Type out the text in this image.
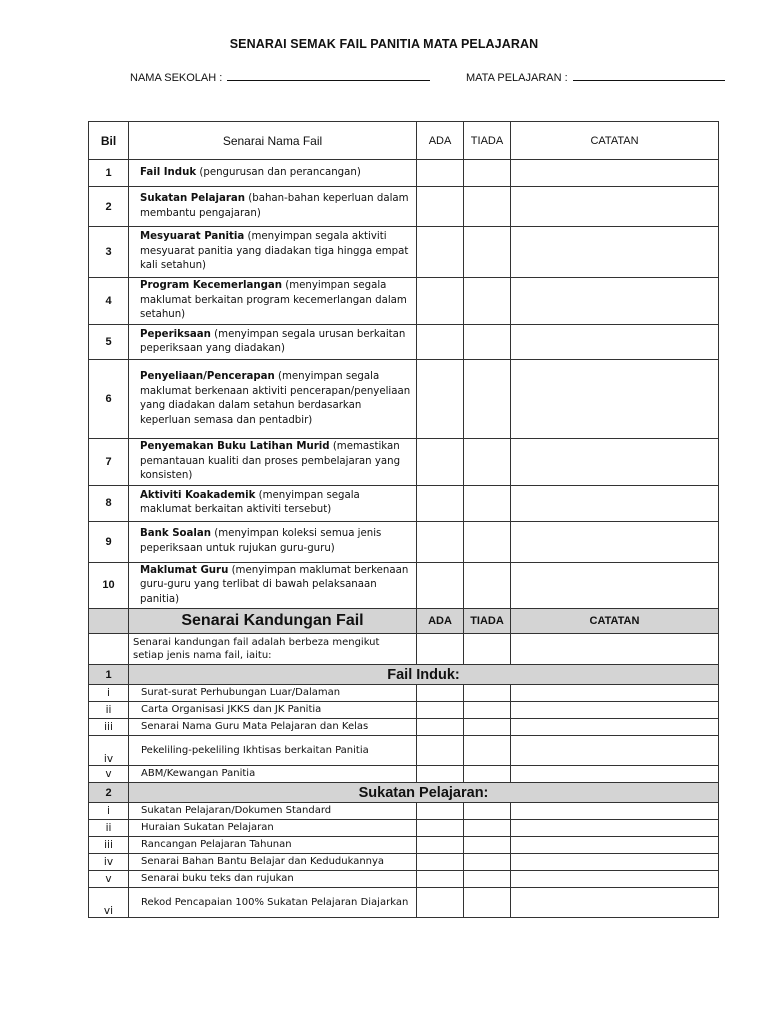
SENARAI SEMAK FAIL PANITIA MATA PELAJARAN
NAMA SEKOLAH :	MATA PELAJARAN :
Bil	Senarai Nama Fail	ADA	TIADA	CATATAN
1	Fail Induk (pengurusan dan perancangan)			
2	Sukatan Pelajaran (bahan-bahan keperluan dalam membantu pengajaran)			
3	Mesyuarat Panitia (menyimpan segala aktiviti mesyuarat panitia yang diadakan tiga hingga empat kali setahun)			
4	Program Kecemerlangan (menyimpan segala maklumat berkaitan program kecemerlangan dalam setahun)			
5	Peperiksaan (menyimpan segala urusan berkaitan peperiksaan yang diadakan)			
6	Penyeliaan/Pencerapan (menyimpan segala maklumat berkenaan aktiviti pencerapan/penyeliaan yang diadakan dalam setahun berdasarkan keperluan semasa dan pentadbir)			
7	Penyemakan Buku Latihan Murid (memastikan pemantauan kualiti dan proses pembelajaran yang konsisten)			
8	Aktiviti Koakademik (menyimpan segala maklumat berkaitan aktiviti tersebut)			
9	Bank Soalan (menyimpan koleksi semua jenis peperiksaan untuk rujukan guru-guru)			
10	Maklumat Guru (menyimpan maklumat berkenaan guru-guru yang terlibat di bawah pelaksanaan panitia)			
	Senarai Kandungan Fail	ADA	TIADA	CATATAN
	Senarai kandungan fail adalah berbeza mengikut setiap jenis nama fail, iaitu:			
1	Fail Induk:			
i	Surat-surat Perhubungan Luar/Dalaman			
ii	Carta Organisasi JKKS dan JK Panitia			
iii	Senarai Nama Guru Mata Pelajaran dan Kelas			
iv	Pekeliling-pekeliling Ikhtisas berkaitan Panitia			
v	ABM/Kewangan Panitia			
2	Sukatan Pelajaran:			
i	Sukatan Pelajaran/Dokumen Standard			
ii	Huraian Sukatan Pelajaran			
iii	Rancangan Pelajaran Tahunan			
iv	Senarai Bahan Bantu Belajar dan Kedudukannya			
v	Senarai buku teks dan rujukan			
vi	Rekod Pencapaian 100% Sukatan Pelajaran Diajarkan			
